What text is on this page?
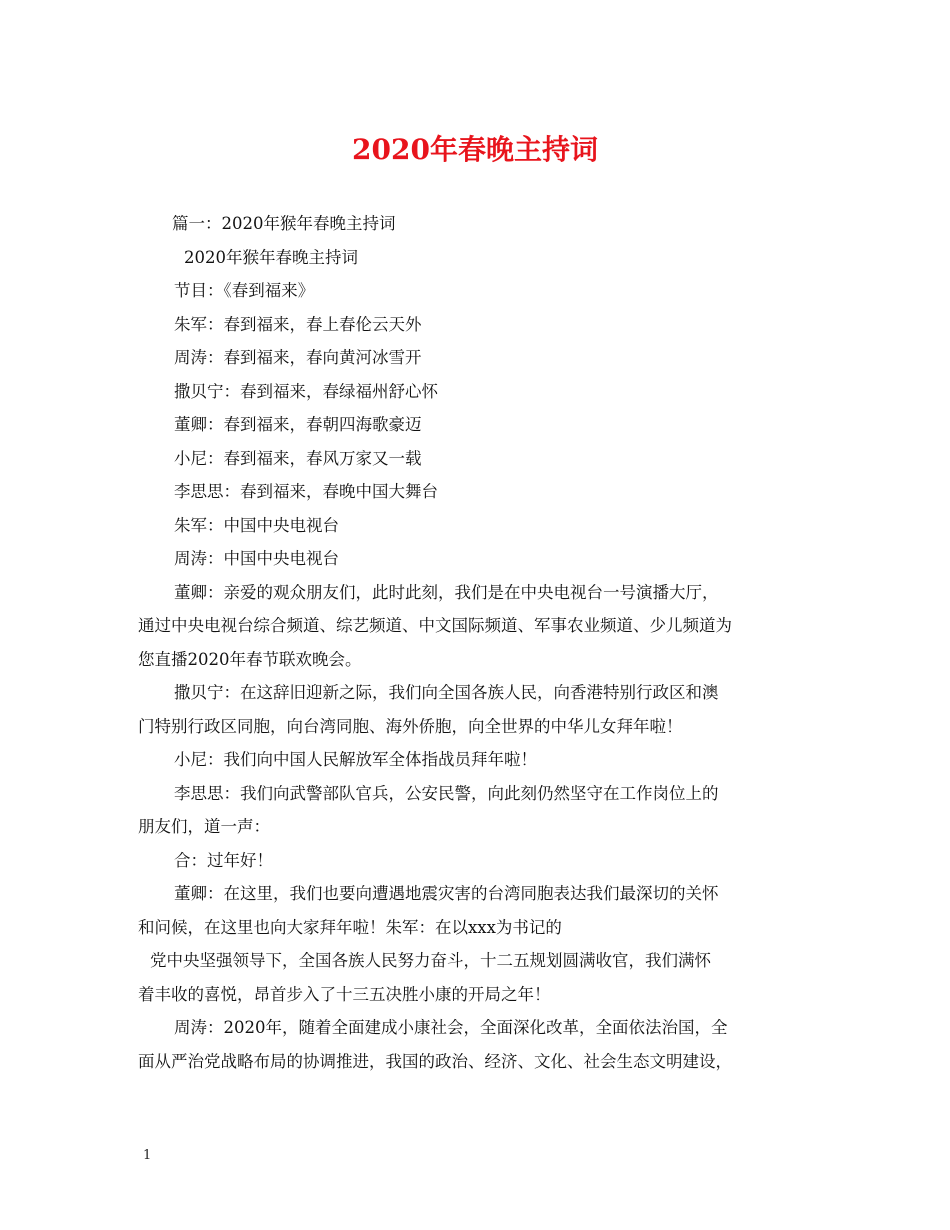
2020年春晚主持词
篇一：2020年猴年春晚主持词
2020年猴年春晚主持词
节目：《春到福来》
朱军：春到福来，春上春伦云天外
周涛：春到福来，春向黄河冰雪开
撒贝宁：春到福来，春绿福州舒心怀
董卿：春到福来，春朝四海歌豪迈
小尼：春到福来，春风万家又一载
李思思：春到福来，春晚中国大舞台
朱军：中国中央电视台
周涛：中国中央电视台
董卿：亲爱的观众朋友们，此时此刻，我们是在中央电视台一号演播大厅，
通过中央电视台综合频道、综艺频道、中文国际频道、军事农业频道、少儿频道为
您直播2020年春节联欢晚会。
撒贝宁：在这辞旧迎新之际，我们向全国各族人民，向香港特别行政区和澳
门特别行政区同胞，向台湾同胞、海外侨胞，向全世界的中华儿女拜年啦！
小尼：我们向中国人民解放军全体指战员拜年啦！
李思思：我们向武警部队官兵，公安民警，向此刻仍然坚守在工作岗位上的
朋友们，道一声：
合：过年好！
董卿：在这里，我们也要向遭遇地震灾害的台湾同胞表达我们最深切的关怀
和问候，在这里也向大家拜年啦！朱军：在以xxx为书记的
党中央坚强领导下，全国各族人民努力奋斗，十二五规划圆满收官，我们满怀
着丰收的喜悦，昂首步入了十三五决胜小康的开局之年！
周涛：2020年，随着全面建成小康社会，全面深化改革，全面依法治国，全
面从严治党战略布局的协调推进，我国的政治、经济、文化、社会生态文明建设，
1
